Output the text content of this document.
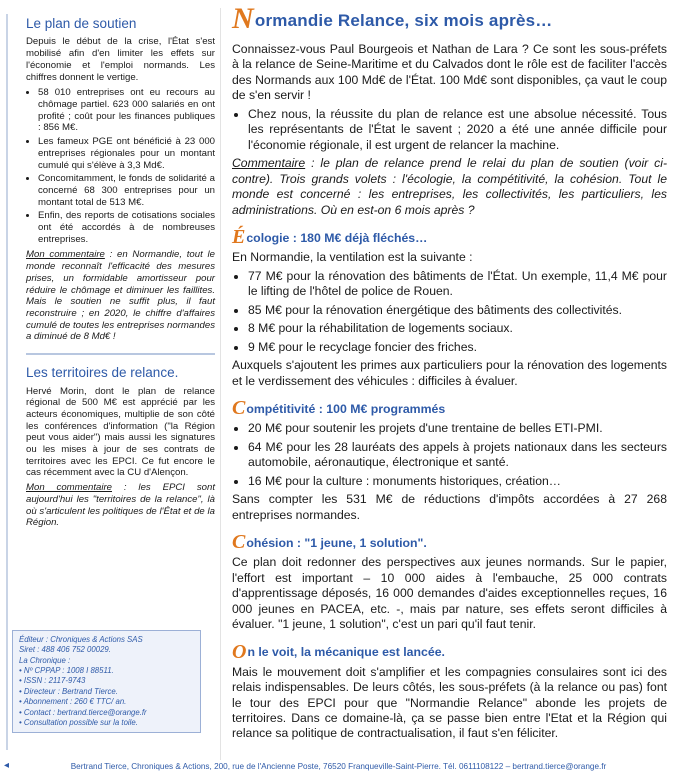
Le plan de soutien

Depuis le début de la crise, l'État s'est mobilisé afin d'en limiter les effets sur l'économie et l'emploi normands. Les chiffres donnent le vertige.

• 58 010 entreprises ont eu recours au chômage partiel. 623 000 salariés en ont profité ; coût pour les finances publiques : 856 M€.
• Les fameux PGE ont bénéficié à 23 000 entreprises régionales pour un montant cumulé qui s'élève à 3,3 Md€.
• Concomitamment, le fonds de solidarité a concerné 68 300 entreprises pour un montant total de 513 M€.
• Enfin, des reports de cotisations sociales ont été accordés à de nombreuses entreprises.

Mon commentaire : en Normandie, tout le monde reconnaît l'efficacité des mesures prises, un formidable amortisseur pour réduire le chômage et diminuer les faillites. Mais le soutien ne suffit plus, il faut reconstruire ; en 2020, le chiffre d'affaires cumulé de toutes les entreprises normandes a diminué de 8 Md€ !

Les territoires de relance.

Hervé Morin, dont le plan de relance régional de 500 M€ est apprécié par les acteurs économiques, multiplie de son côté les conférences d'information ("la Région peut vous aider") mais aussi les signatures ou les mises à jour de ses contrats de territoires avec les EPCI. Ce fut encore le cas récemment avec la CU d'Alençon.

Mon commentaire : les EPCI sont aujourd'hui les "territoires de la relance", là où s'articulent les politiques de l'État et de la Région.

Éditeur : Chroniques & Actions SAS
Siret : 488 406 752 00029.
La Chronique :
• Nº CPPAP : 1008 I 88511.
• ISSN : 2117-9743
• Directeur : Bertrand Tierce.
• Abonnement : 260 € TTC/ an.
• Contact : bertrand.tierce@orange.fr
• Consultation possible sur la toile.
N ormandie Relance, six mois après…

Connaissez-vous Paul Bourgeois et Nathan de Lara ? Ce sont les sous-préfets à la relance de Seine-Maritime et du Calvados dont le rôle est de faciliter l'accès des Normands aux 100 Md€ de l'État. 100 Md€ sont disponibles, ça vaut le coup de s'en servir !

• Chez nous, la réussite du plan de relance est une absolue nécessité. Tous les représentants de l'État le savent ; 2020 a été une année difficile pour l'économie régionale, il est urgent de relancer la machine.

Commentaire : le plan de relance prend le relai du plan de soutien (voir ci-contre). Trois grands volets : l'écologie, la compétitivité, la cohésion. Tout le monde est concerné : les entreprises, les collectivités, les particuliers, les administrations. Où en est-on 6 mois après ?

É cologie : 180 M€ déjà fléchés…

En Normandie, la ventilation est la suivante :

• 77 M€ pour la rénovation des bâtiments de l'État. Un exemple, 11,4 M€ pour le lifting de l'hôtel de police de Rouen.
• 85 M€ pour la rénovation énergétique des bâtiments des collectivités.
• 8 M€ pour la réhabilitation de logements sociaux.
• 9 M€ pour le recyclage foncier des friches.

Auxquels s'ajoutent les primes aux particuliers pour la rénovation des logements et le verdissement des véhicules : difficiles à évaluer.

C ompétitivité : 100 M€ programmés
• 20 M€ pour soutenir les projets d'une trentaine de belles ETI-PMI.
• 64 M€ pour les 28 lauréats des appels à projets nationaux dans les secteurs automobile, aéronautique, électronique et santé.
• 16 M€ pour la culture : monuments historiques, création…

Sans compter les 531 M€ de réductions d'impôts accordées à 27 268 entreprises normandes.

C ohésion : "1 jeune, 1 solution".

Ce plan doit redonner des perspectives aux jeunes normands. Sur le papier, l'effort est important – 10 000 aides à l'embauche, 25 000 contrats d'apprentissage déposés, 16 000 demandes d'aides exceptionnelles reçues, 16 000 jeunes en PACEA, etc. -, mais par nature, ses effets seront difficiles à évaluer. "1 jeune, 1 solution", c'est un pari qu'il faut tenir.

O n le voit, la mécanique est lancée.

Mais le mouvement doit s'amplifier et les compagnies consulaires sont ici des relais indispensables. De leurs côtés, les sous-préfets (à la relance ou pas) font le tour des EPCI pour que "Normandie Relance" abonde les projets de territoires. Dans ce domaine-là, ça se passe bien entre l'Etat et la Région qui relance sa politique de contractualisation, il faut s'en féliciter.

◂	Bertrand Tierce, Chroniques & Actions, 200, rue de l'Ancienne Poste, 76520 Franqueville-Saint-Pierre. Tél. 0611108122 – bertrand.tierce@orange.fr
